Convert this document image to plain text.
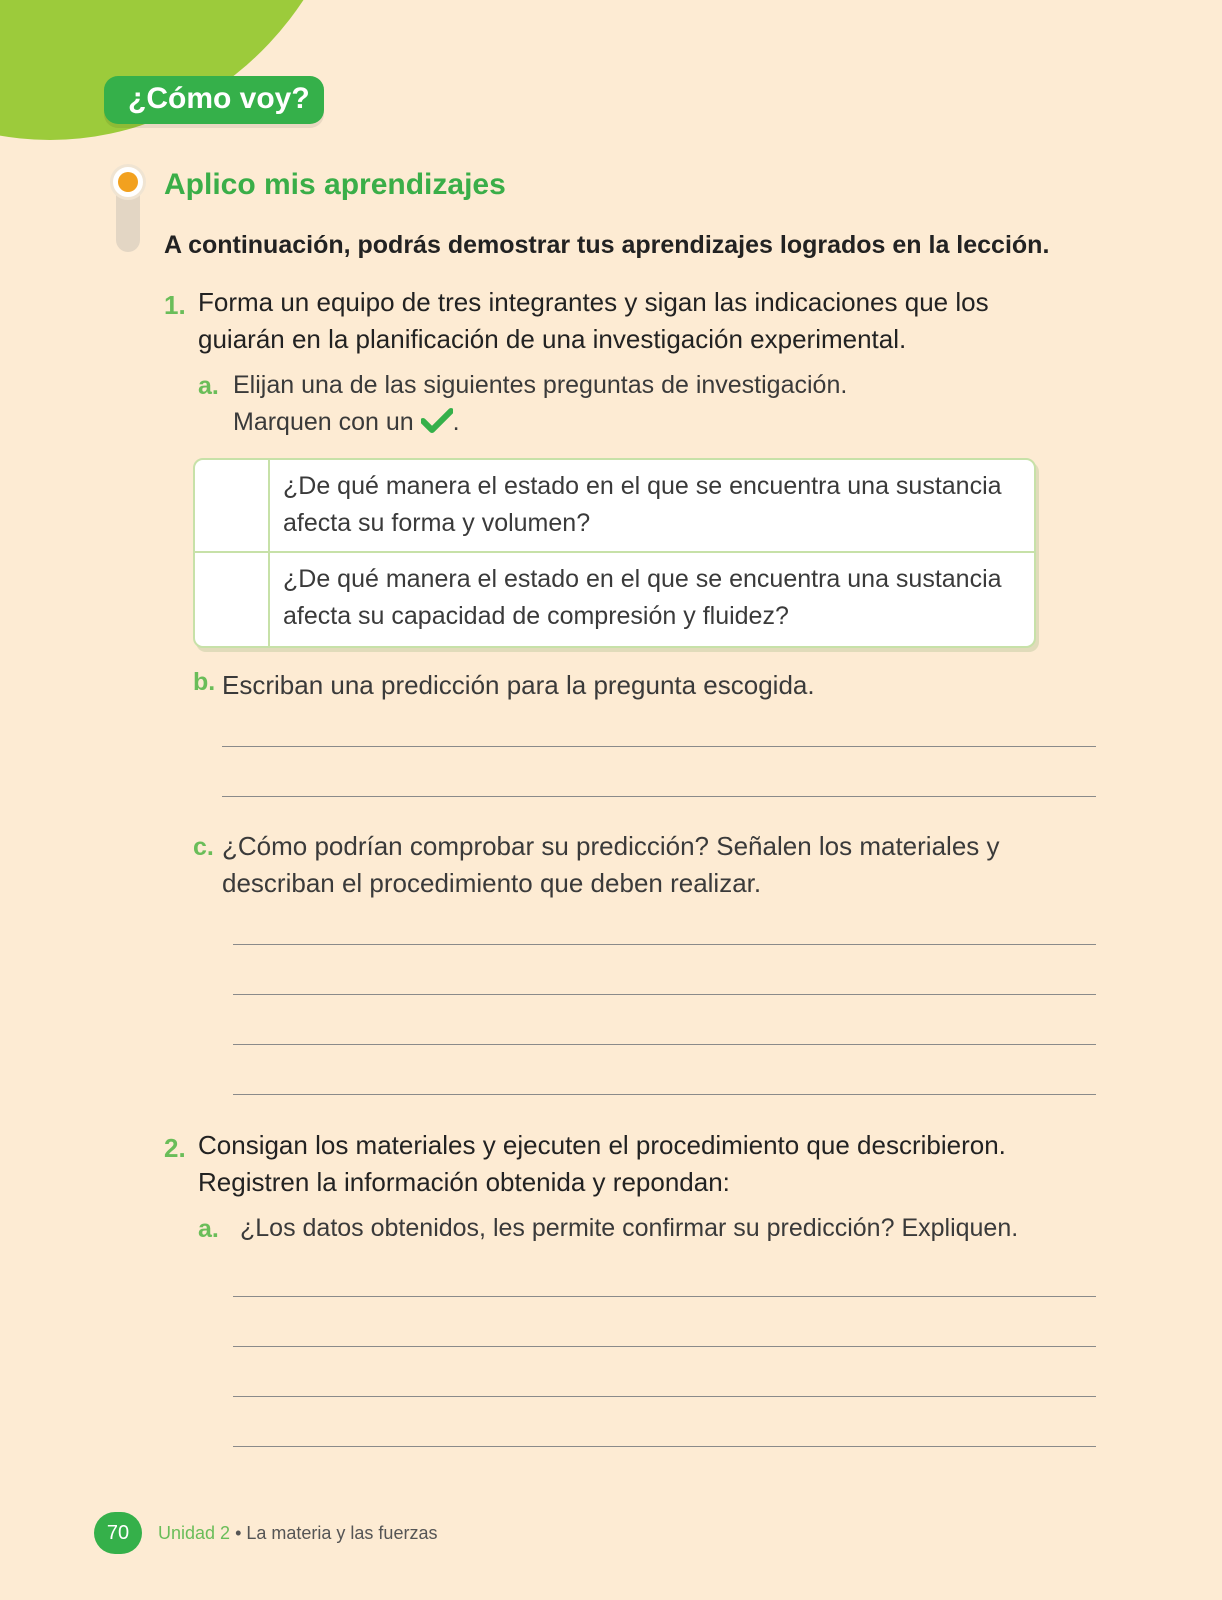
¿Cómo voy?
Aplico mis aprendizajes
A continuación, podrás demostrar tus aprendizajes logrados en la lección.
1. Forma un equipo de tres integrantes y sigan las indicaciones que los
guiarán en la planificación de una investigación experimental.
a. Elijan una de las siguientes preguntas de investigación.
Marquen con un .
¿De qué manera el estado en el que se encuentra una sustancia
afecta su forma y volumen?
¿De qué manera el estado en el que se encuentra una sustancia
afecta su capacidad de compresión y fluidez?
b. Escriban una predicción para la pregunta escogida.
c. ¿Cómo podrían comprobar su predicción? Señalen los materiales y
describan el procedimiento que deben realizar.
2. Consigan los materiales y ejecuten el procedimiento que describieron.
Registren la información obtenida y repondan:
a. ¿Los datos obtenidos, les permite confirmar su predicción? Expliquen.
70	Unidad 2 • La materia y las fuerzas
